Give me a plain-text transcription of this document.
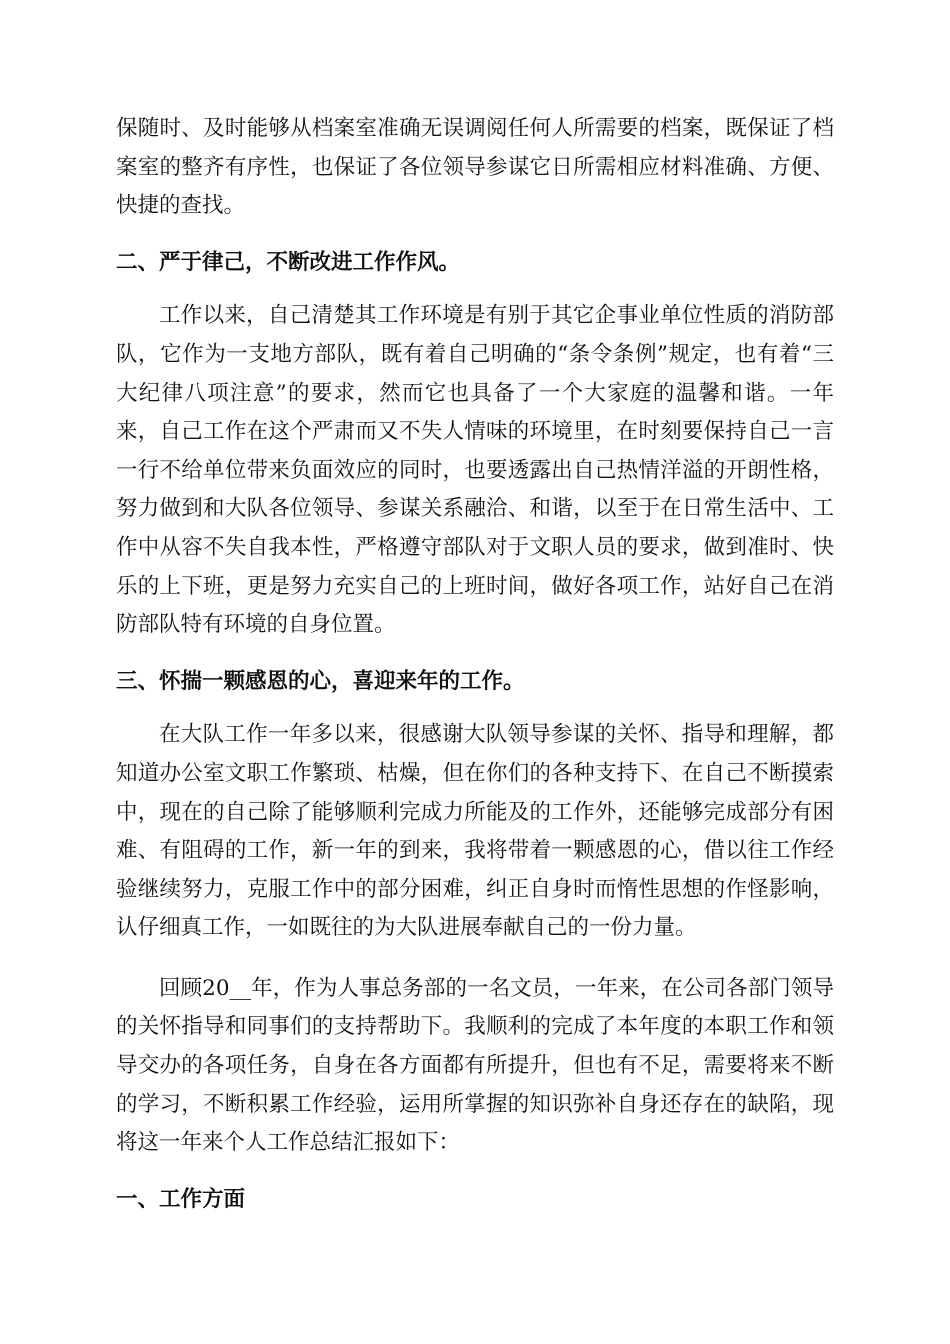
保随时、及时能够从档案室准确无误调阅任何人所需要的档案，既保证了档案室的整齐有序性，也保证了各位领导参谋它日所需相应材料准确、方便、快捷的查找。

二、严于律己，不断改进工作作风。

工作以来，自己清楚其工作环境是有别于其它企事业单位性质的消防部队，它作为一支地方部队，既有着自己明确的“条令条例”规定，也有着“三大纪律八项注意”的要求，然而它也具备了一个大家庭的温馨和谐。一年来，自己工作在这个严肃而又不失人情味的环境里，在时刻要保持自己一言一行不给单位带来负面效应的同时，也要透露出自己热情洋溢的开朗性格，努力做到和大队各位领导、参谋关系融洽、和谐，以至于在日常生活中、工作中从容不失自我本性，严格遵守部队对于文职人员的要求，做到准时、快乐的上下班，更是努力充实自己的上班时间，做好各项工作，站好自己在消防部队特有环境的自身位置。

三、怀揣一颗感恩的心，喜迎来年的工作。

在大队工作一年多以来，很感谢大队领导参谋的关怀、指导和理解，都知道办公室文职工作繁琐、枯燥，但在你们的各种支持下、在自己不断摸索中，现在的自己除了能够顺利完成力所能及的工作外，还能够完成部分有困难、有阻碍的工作，新一年的到来，我将带着一颗感恩的心，借以往工作经验继续努力，克服工作中的部分困难，纠正自身时而惰性思想的作怪影响，认仔细真工作，一如既往的为大队进展奉献自己的一份力量。

回顾20__年，作为人事总务部的一名文员，一年来，在公司各部门领导的关怀指导和同事们的支持帮助下。我顺利的完成了本年度的本职工作和领导交办的各项任务，自身在各方面都有所提升，但也有不足，需要将来不断的学习，不断积累工作经验，运用所掌握的知识弥补自身还存在的缺陷，现将这一年来个人工作总结汇报如下：

一、工作方面
